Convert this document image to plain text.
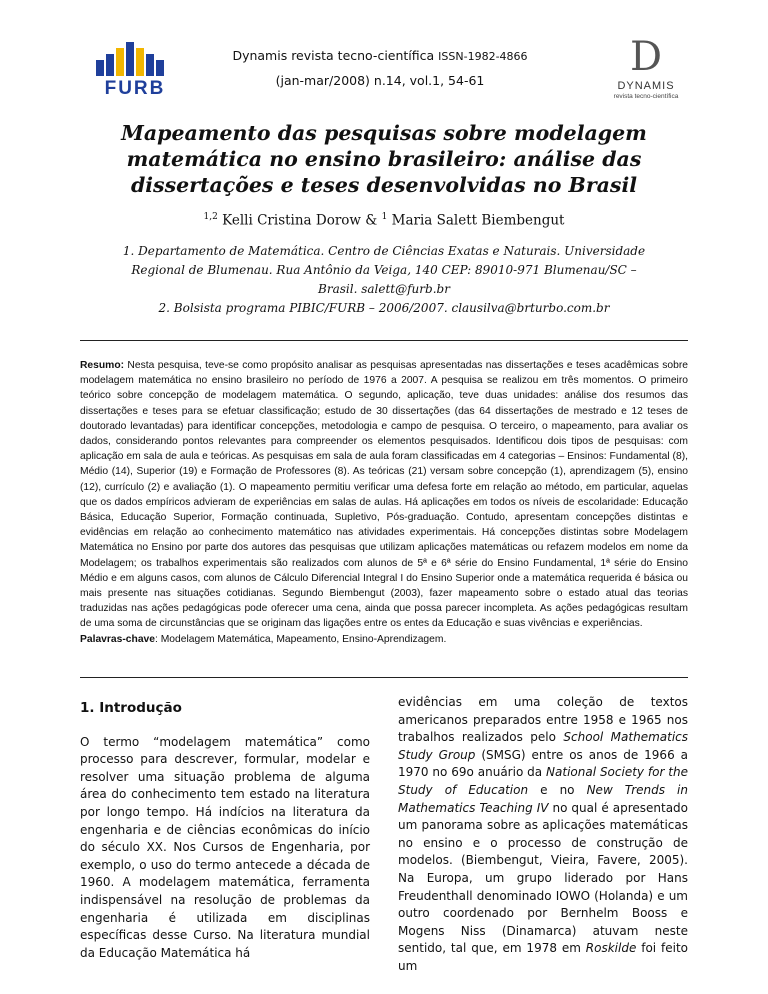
FURB
Dynamis revista tecno-científica ISSN-1982-4866
(jan-mar/2008) n.14, vol.1, 54-61
D
DYNAMIS
revista tecno-científica
Mapeamento das pesquisas sobre modelagem
matemática no ensino brasileiro: análise das
dissertações e teses desenvolvidas no Brasil
$^{1,2}$ Kelli Cristina Dorow & $^1$ Maria Salett Biembengut
1. Departamento de Matemática. Centro de Ciências Exatas e Naturais. Universidade
Regional de Blumenau. Rua Antônio da Veiga, 140 CEP: 89010-971 Blumenau/SC –
Brasil. salett@furb.br
2. Bolsista programa PIBIC/FURB – 2006/2007. clausilva@brturbo.com.br
Resumo: Nesta pesquisa, teve-se como propósito analisar as pesquisas apresentadas nas dissertações e teses acadêmicas sobre modelagem matemática no ensino brasileiro no período de 1976 a 2007. A pesquisa se realizou em três momentos. O primeiro teórico sobre concepção de modelagem matemática. O segundo, aplicação, teve duas unidades: análise dos resumos das dissertações e teses para se efetuar classificação; estudo de 30 dissertações (das 64 dissertações de mestrado e 12 teses de doutorado levantadas) para identificar concepções, metodologia e campo de pesquisa. O terceiro, o mapeamento, para avaliar os dados, considerando pontos relevantes para compreender os elementos pesquisados. Identificou dois tipos de pesquisas: com aplicação em sala de aula e teóricas. As pesquisas em sala de aula foram classificadas em 4 categorias – Ensinos: Fundamental (8), Médio (14), Superior (19) e Formação de Professores (8). As teóricas (21) versam sobre concepção (1), aprendizagem (5), ensino (12), currículo (2) e avaliação (1). O mapeamento permitiu verificar uma defesa forte em relação ao método, em particular, aquelas que os dados empíricos advieram de experiências em salas de aulas. Há aplicações em todos os níveis de escolaridade: Educação Básica, Educação Superior, Formação continuada, Supletivo, Pós-graduação. Contudo, apresentam concepções distintas e evidências em relação ao conhecimento matemático nas atividades experimentais. Há concepções distintas sobre Modelagem Matemática no Ensino por parte dos autores das pesquisas que utilizam aplicações matemáticas ou refazem modelos em nome da Modelagem; os trabalhos experimentais são realizados com alunos de 5ª e 6ª série do Ensino Fundamental, 1ª série do Ensino Médio e em alguns casos, com alunos de Cálculo Diferencial Integral I do Ensino Superior onde a matemática requerida é básica ou mais presente nas situações cotidianas. Segundo Biembengut (2003), fazer mapeamento sobre o estado atual das teorias traduzidas nas ações pedagógicas pode oferecer uma cena, ainda que possa parecer incompleta. As ações pedagógicas resultam de uma soma de circunstâncias que se originam das ligações entre os entes da Educação e suas vivências e experiências.
Palavras-chave: Modelagem Matemática, Mapeamento, Ensino-Aprendizagem.
1. Introdução

O termo “modelagem matemática” como processo para descrever, formular, modelar e resolver uma situação problema de alguma área do conhecimento tem estado na literatura por longo tempo. Há indícios na literatura da engenharia e de ciências econômicas do início do século XX. Nos Cursos de Engenharia, por exemplo, o uso do termo antecede a década de 1960. A modelagem matemática, ferramenta indispensável na resolução de problemas da engenharia é utilizada em disciplinas específicas desse Curso. Na literatura mundial da Educação Matemática há

evidências em uma coleção de textos americanos preparados entre 1958 e 1965 nos trabalhos realizados pelo School Mathematics Study Group (SMSG) entre os anos de 1966 a 1970 no 69o anuário da National Society for the Study of Education e no New Trends in Mathematics Teaching IV no qual é apresentado um panorama sobre as aplicações matemáticas no ensino e o processo de construção de modelos. (Biembengut, Vieira, Favere, 2005). Na Europa, um grupo liderado por Hans Freudenthall denominado IOWO (Holanda) e um outro coordenado por Bernhelm Booss e Mogens Niss (Dinamarca) atuvam neste sentido, tal que, em 1978 em Roskilde foi feito um
